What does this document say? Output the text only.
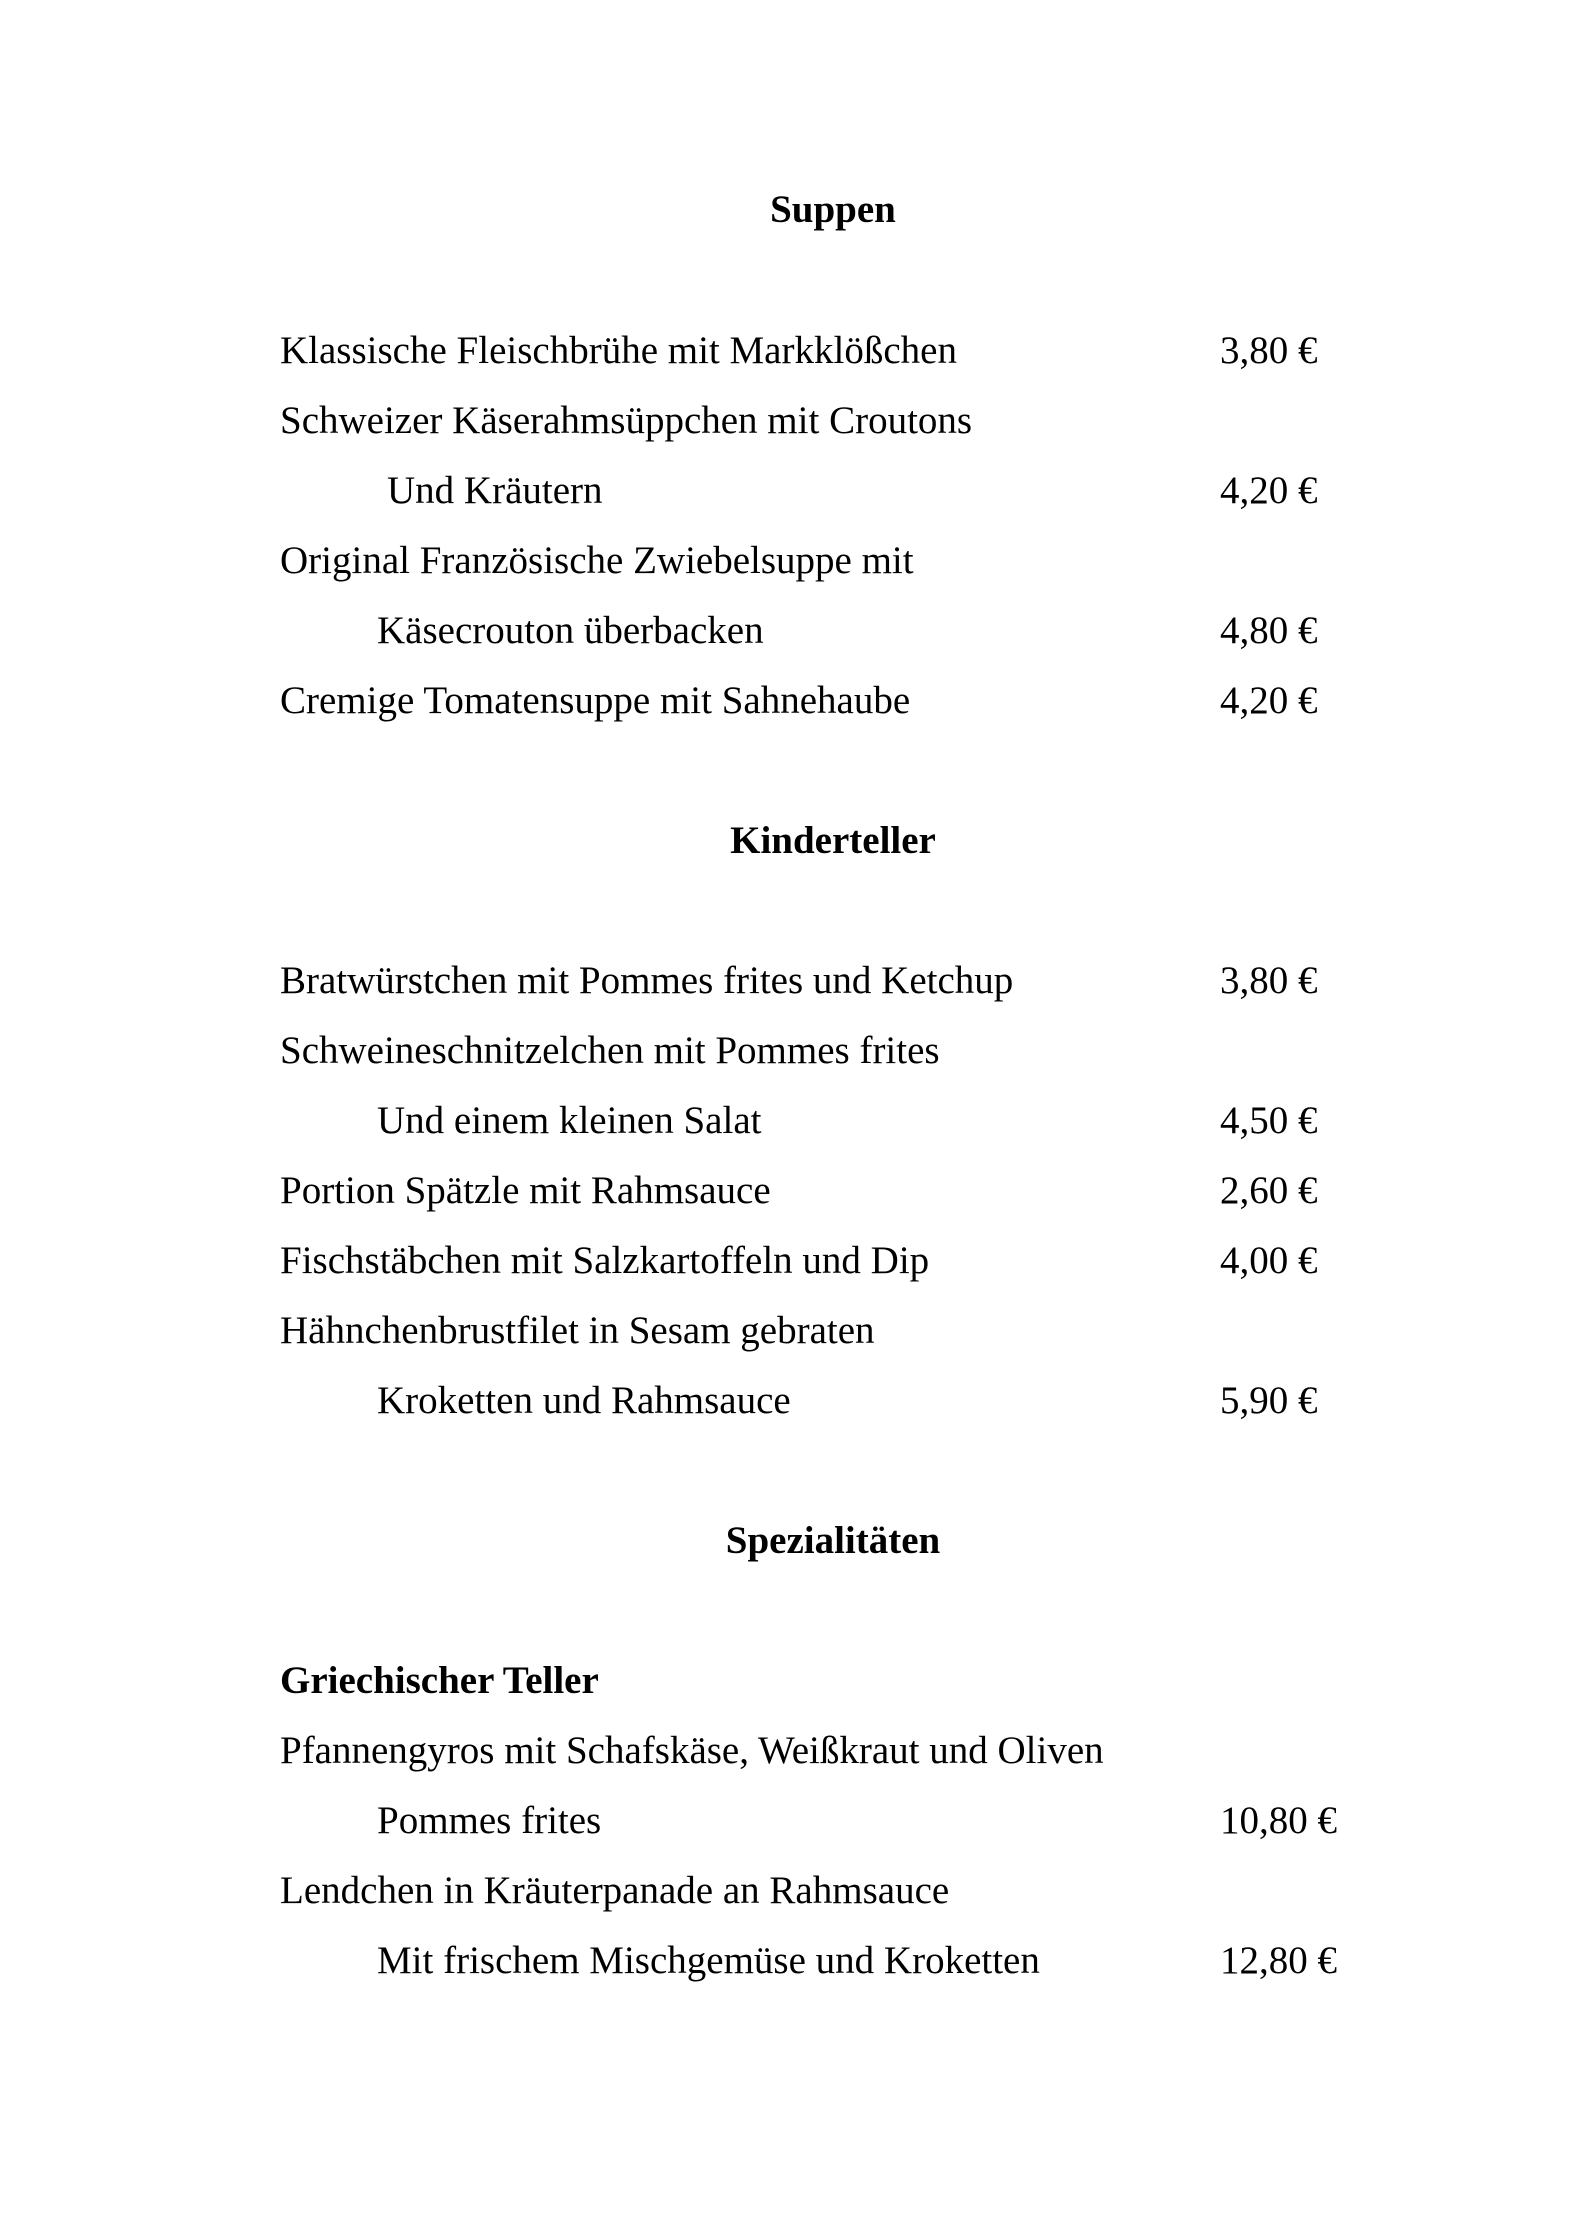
Suppen
Klassische Fleischbrühe mit Markklößchen	3,80 €
Schweizer Käserahmsüppchen mit Croutons
Und Kräutern	4,20 €
Original Französische Zwiebelsuppe mit
Käsecrouton überbacken	4,80 €
Cremige Tomatensuppe mit Sahnehaube	4,20 €
Kinderteller
Bratwürstchen mit Pommes frites und Ketchup	3,80 €
Schweineschnitzelchen mit Pommes frites
Und einem kleinen Salat	4,50 €
Portion Spätzle mit Rahmsauce	2,60 €
Fischstäbchen mit Salzkartoffeln und Dip	4,00 €
Hähnchenbrustfilet in Sesam gebraten
Kroketten und Rahmsauce	5,90 €
Spezialitäten
Griechischer Teller
Pfannengyros mit Schafskäse, Weißkraut und Oliven
Pommes frites	10,80 €
Lendchen in Kräuterpanade an Rahmsauce
Mit frischem Mischgemüse und Kroketten	12,80 €
